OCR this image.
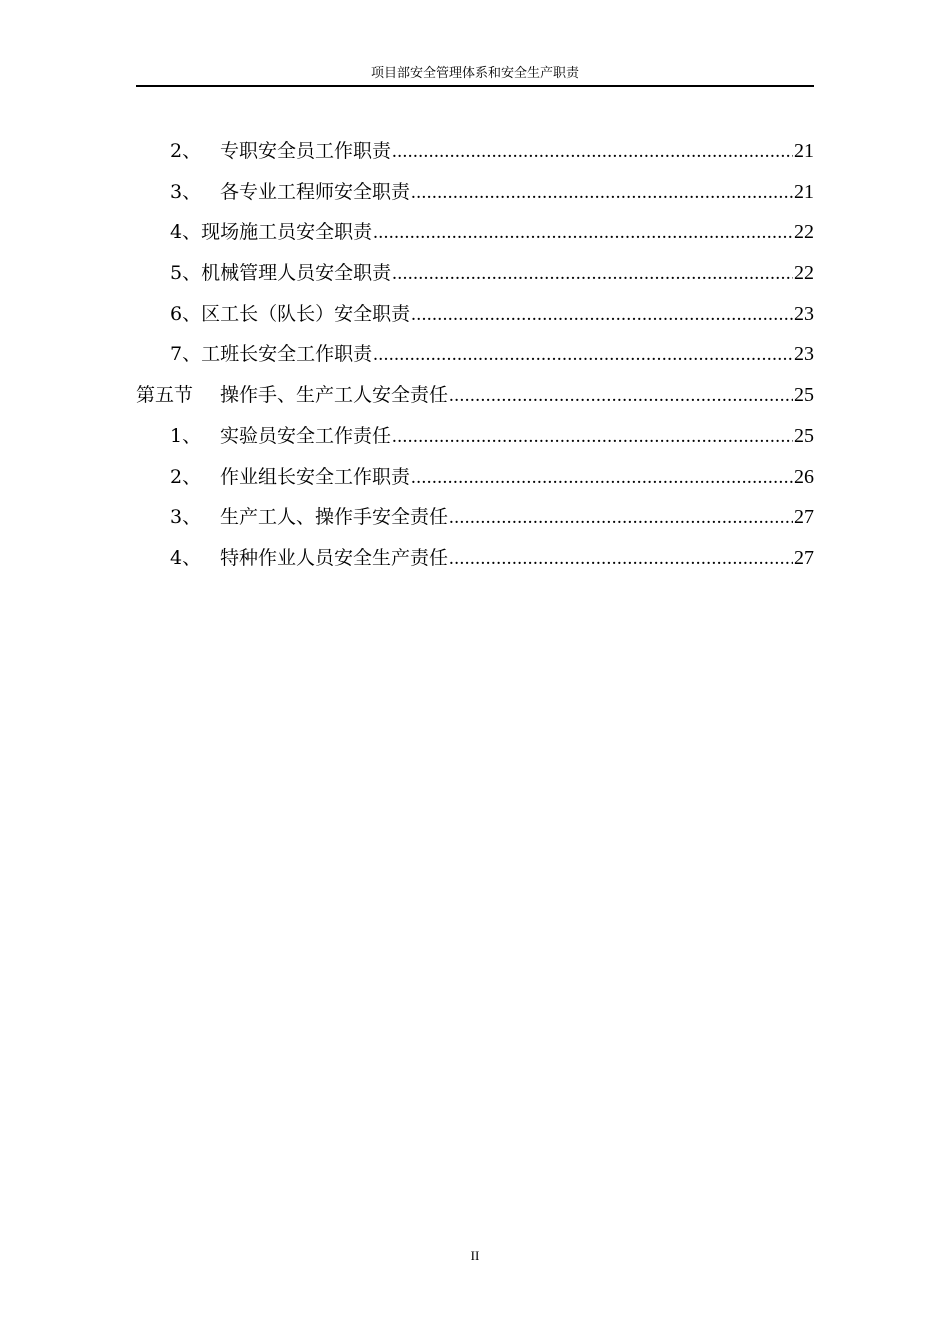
项目部安全管理体系和安全生产职责
2、 专职安全员工作职责 .....	21
3、 各专业工程师安全职责 .....	21
4、 现场施工员安全职责 .....	22
5、 机械管理人员安全职责 .....	22
6、 区工长（队长）安全职责 .....	23
7、 工班长安全工作职责 .....	23
第五节	操作手、生产工人安全责任 .....	25
1、 实验员安全工作责任 .....	25
2、 作业组长安全工作职责 .....	26
3、 生产工人、操作手安全责任 .....	27
4、 特种作业人员安全生产责任 .....	27
II
